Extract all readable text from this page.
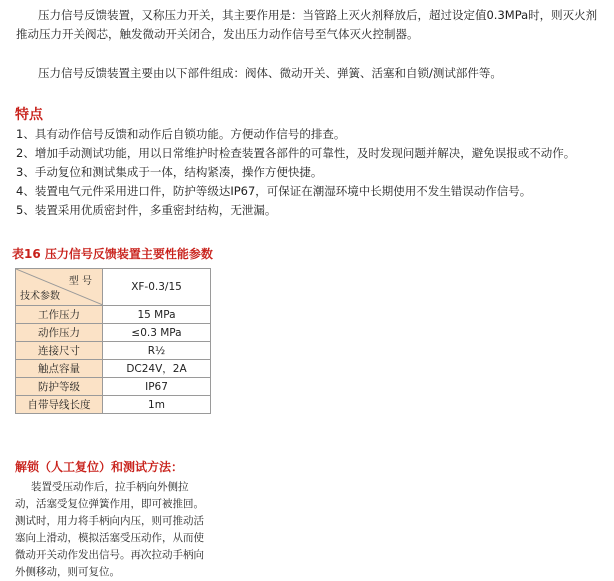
压力信号反馈装置，又称压力开关，其主要作用是：当管路上灭火剂释放后，超过设定值0.3MPa时，则灭火剂推动压力开关阀芯，触发微动开关闭合，发出压力动作信号至气体灭火控制器。

压力信号反馈装置主要由以下部件组成：阀体、微动开关、弹簧、活塞和自锁/测试部件等。

特点
1、具有动作信号反馈和动作后自锁功能。方便动作信号的排查。
2、增加手动测试功能，用以日常维护时检查装置各部件的可靠性，及时发现问题并解决，避免误报或不动作。
3、手动复位和测试集成于一体，结构紧凑，操作方便快捷。
4、装置电气元件采用进口件，防护等级达IP67，可保证在潮湿环境中长期使用不发生错误动作信号。
5、装置采用优质密封件，多重密封结构，无泄漏。
表16 压力信号反馈装置主要性能参数
型 号
技术参数	XF-0.3/15
工作压力	15 MPa
动作压力	≤0.3 MPa
连接尺寸	R½
触点容量	DC24V，2A
防护等级	IP67
自带导线长度	1m
解锁（人工复位）和测试方法：

装置受压动作后，拉手柄向外侧拉动，活塞受复位弹簧作用，即可被推回。测试时，用力将手柄向内压，则可推动活塞向上滑动，模拟活塞受压动作，从而使微动开关动作发出信号。再次拉动手柄向外侧移动，则可复位。
